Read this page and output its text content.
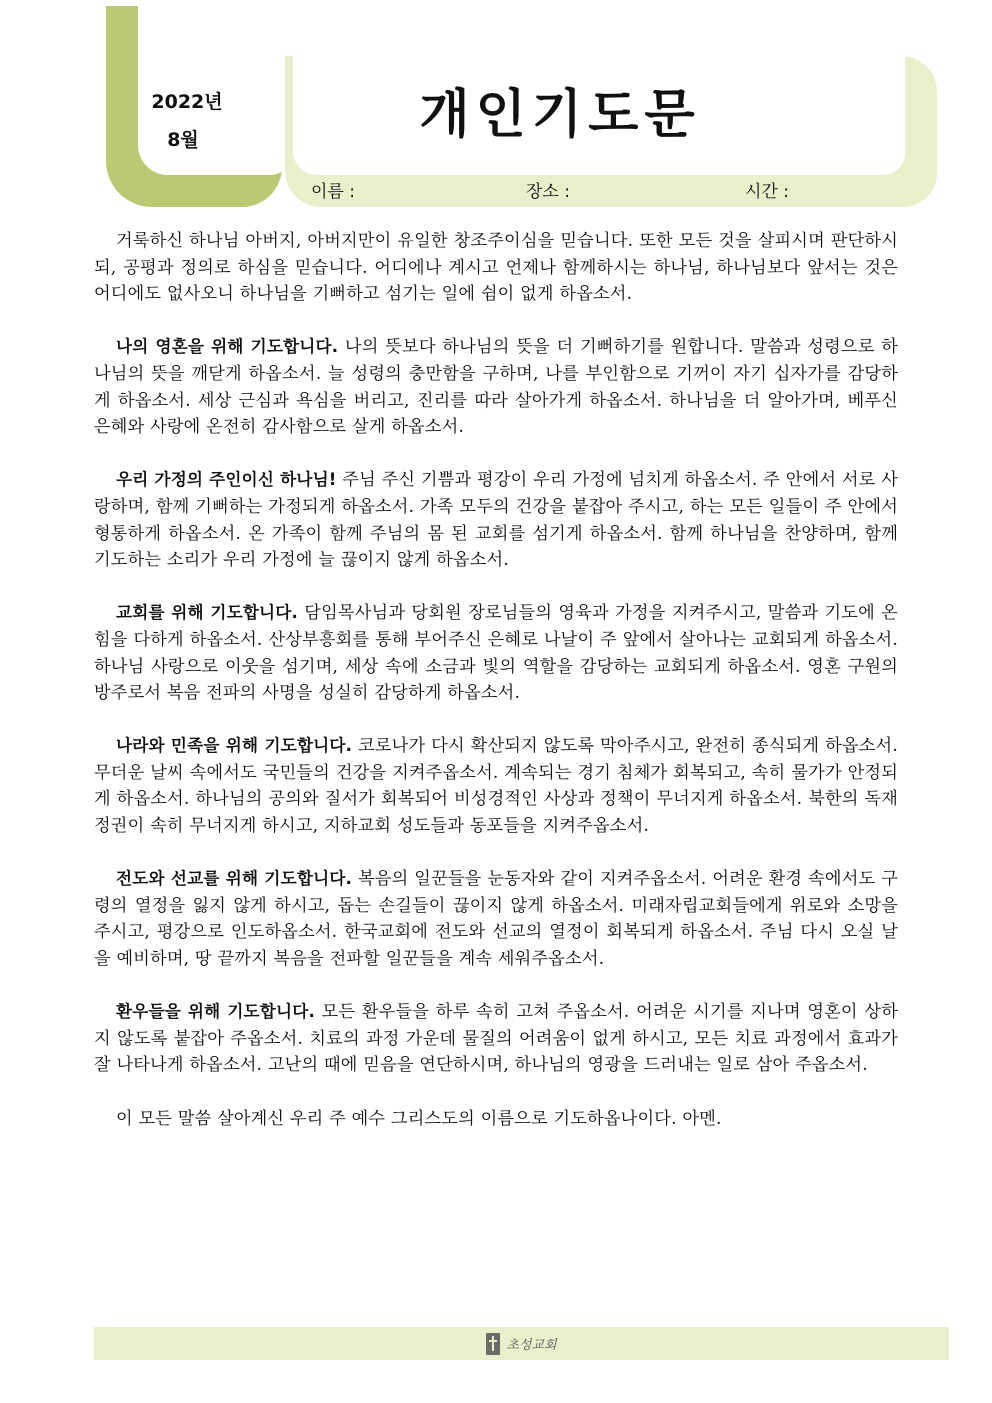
2022년
8월	개인기도문
이름 :	장소 :	시간 :

거룩하신 하나님 아버지, 아버지만이 유일한 창조주이심을 믿습니다. 또한 모든 것을 살피시며 판단하시되, 공평과 정의로 하심을 믿습니다. 어디에나 계시고 언제나 함께하시는 하나님, 하나님보다 앞서는 것은 어디에도 없사오니 하나님을 기뻐하고 섬기는 일에 쉼이 없게 하옵소서.

나의 영혼을 위해 기도합니다. 나의 뜻보다 하나님의 뜻을 더 기뻐하기를 원합니다. 말씀과 성령으로 하나님의 뜻을 깨닫게 하옵소서. 늘 성령의 충만함을 구하며, 나를 부인함으로 기꺼이 자기 십자가를 감당하게 하옵소서. 세상 근심과 욕심을 버리고, 진리를 따라 살아가게 하옵소서. 하나님을 더 알아가며, 베푸신 은혜와 사랑에 온전히 감사함으로 살게 하옵소서.

우리 가정의 주인이신 하나님! 주님 주신 기쁨과 평강이 우리 가정에 넘치게 하옵소서. 주 안에서 서로 사랑하며, 함께 기뻐하는 가정되게 하옵소서. 가족 모두의 건강을 붙잡아 주시고, 하는 모든 일들이 주 안에서 형통하게 하옵소서. 온 가족이 함께 주님의 몸 된 교회를 섬기게 하옵소서. 함께 하나님을 찬양하며, 함께 기도하는 소리가 우리 가정에 늘 끊이지 않게 하옵소서.

교회를 위해 기도합니다. 담임목사님과 당회원 장로님들의 영육과 가정을 지켜주시고, 말씀과 기도에 온 힘을 다하게 하옵소서. 산상부흥회를 통해 부어주신 은혜로 나날이 주 앞에서 살아나는 교회되게 하옵소서. 하나님 사랑으로 이웃을 섬기며, 세상 속에 소금과 빛의 역할을 감당하는 교회되게 하옵소서. 영혼 구원의 방주로서 복음 전파의 사명을 성실히 감당하게 하옵소서.

나라와 민족을 위해 기도합니다. 코로나가 다시 확산되지 않도록 막아주시고, 완전히 종식되게 하옵소서. 무더운 날씨 속에서도 국민들의 건강을 지켜주옵소서. 계속되는 경기 침체가 회복되고, 속히 물가가 안정되게 하옵소서. 하나님의 공의와 질서가 회복되어 비성경적인 사상과 정책이 무너지게 하옵소서. 북한의 독재 정권이 속히 무너지게 하시고, 지하교회 성도들과 동포들을 지켜주옵소서.

전도와 선교를 위해 기도합니다. 복음의 일꾼들을 눈동자와 같이 지켜주옵소서. 어려운 환경 속에서도 구령의 열정을 잃지 않게 하시고, 돕는 손길들이 끊이지 않게 하옵소서. 미래자립교회들에게 위로와 소망을 주시고, 평강으로 인도하옵소서. 한국교회에 전도와 선교의 열정이 회복되게 하옵소서. 주님 다시 오실 날을 예비하며, 땅 끝까지 복음을 전파할 일꾼들을 계속 세워주옵소서.

환우들을 위해 기도합니다. 모든 환우들을 하루 속히 고쳐 주옵소서. 어려운 시기를 지나며 영혼이 상하지 않도록 붙잡아 주옵소서. 치료의 과정 가운데 물질의 어려움이 없게 하시고, 모든 치료 과정에서 효과가 잘 나타나게 하옵소서. 고난의 때에 믿음을 연단하시며, 하나님의 영광을 드러내는 일로 삼아 주옵소서.

이 모든 말씀 살아계신 우리 주 예수 그리스도의 이름으로 기도하옵나이다. 아멘.

초성교회
